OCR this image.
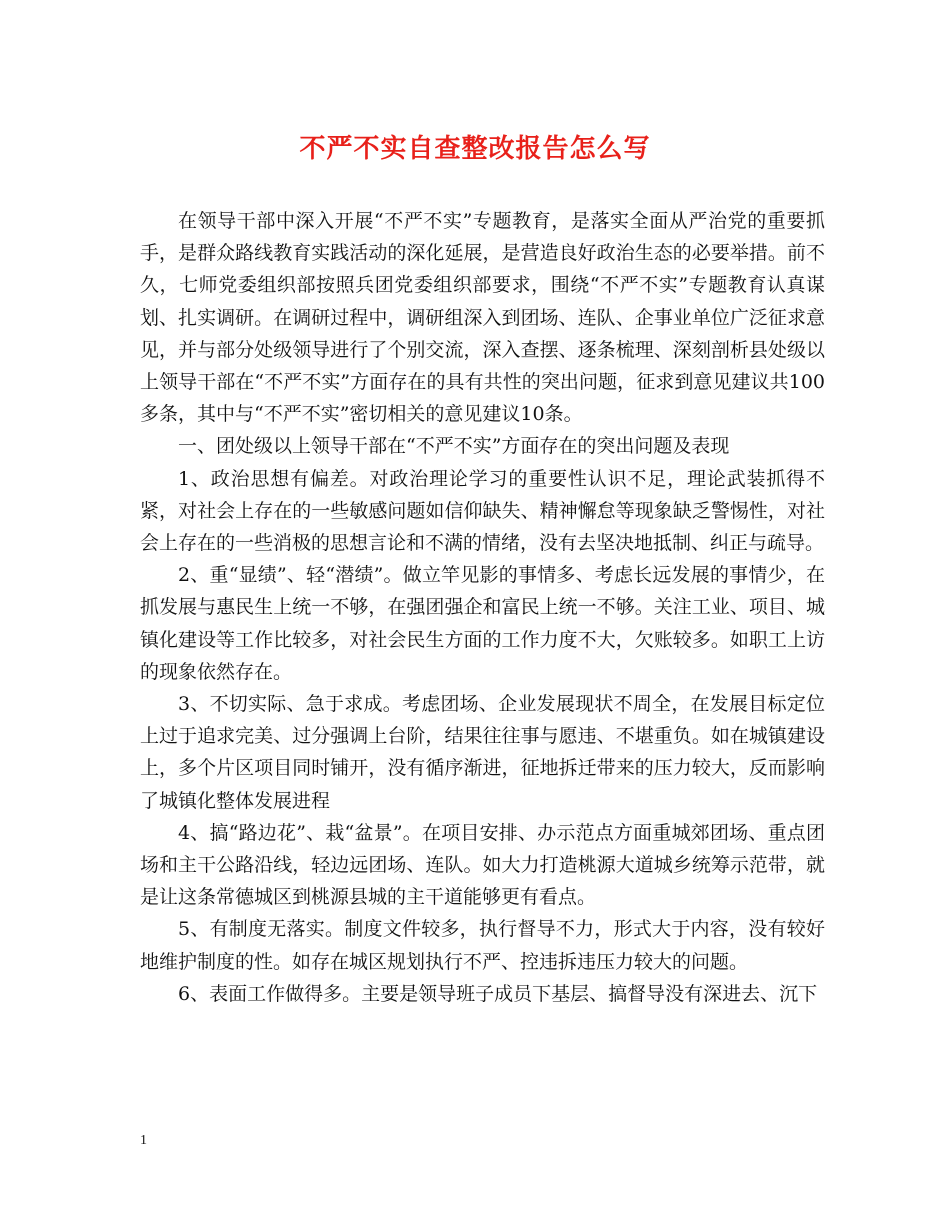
不严不实自查整改报告怎么写

在领导干部中深入开展“不严不实”专题教育，是落实全面从严治党的重要抓手，是群众路线教育实践活动的深化延展，是营造良好政治生态的必要举措。前不久，七师党委组织部按照兵团党委组织部要求，围绕“不严不实”专题教育认真谋划、扎实调研。在调研过程中，调研组深入到团场、连队、企事业单位广泛征求意见，并与部分处级领导进行了个别交流，深入查摆、逐条梳理、深刻剖析县处级以上领导干部在“不严不实”方面存在的具有共性的突出问题，征求到意见建议共100多条，其中与“不严不实”密切相关的意见建议10条。

一、团处级以上领导干部在“不严不实”方面存在的突出问题及表现

1、政治思想有偏差。对政治理论学习的重要性认识不足，理论武装抓得不紧，对社会上存在的一些敏感问题如信仰缺失、精神懈怠等现象缺乏警惕性，对社会上存在的一些消极的思想言论和不满的情绪，没有去坚决地抵制、纠正与疏导。

2、重“显绩”、轻“潜绩”。做立竿见影的事情多、考虑长远发展的事情少，在抓发展与惠民生上统一不够，在强团强企和富民上统一不够。关注工业、项目、城镇化建设等工作比较多，对社会民生方面的工作力度不大，欠账较多。如职工上访的现象依然存在。

3、不切实际、急于求成。考虑团场、企业发展现状不周全，在发展目标定位上过于追求完美、过分强调上台阶，结果往往事与愿违、不堪重负。如在城镇建设上，多个片区项目同时铺开，没有循序渐进，征地拆迁带来的压力较大，反而影响了城镇化整体发展进程

4、搞“路边花”、栽“盆景”。在项目安排、办示范点方面重城郊团场、重点团场和主干公路沿线，轻边远团场、连队。如大力打造桃源大道城乡统筹示范带，就是让这条常德城区到桃源县城的主干道能够更有看点。

5、有制度无落实。制度文件较多，执行督导不力，形式大于内容，没有较好地维护制度的性。如存在城区规划执行不严、控违拆违压力较大的问题。

6、表面工作做得多。主要是领导班子成员下基层、搞督导没有深进去、沉下

1
